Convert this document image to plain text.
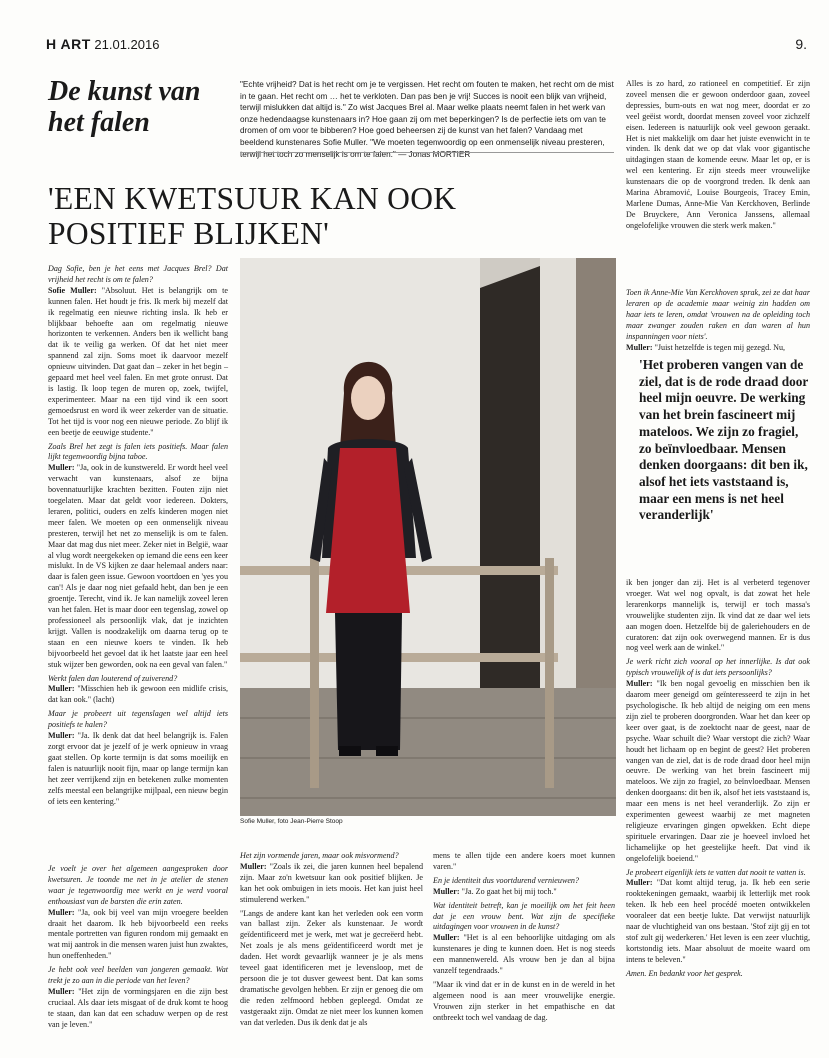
H ART 21.01.2016	9.
De kunst van het falen
"Echte vrijheid? Dat is het recht om je te vergissen. Het recht om fouten te maken, het recht om de mist in te gaan. Het recht om … het te verkloten. Dan pas ben je vrij! Succes is nooit een blijk van vrijheid, terwijl mislukken dat altijd is." Zo wist Jacques Brel al. Maar welke plaats neemt falen in het werk van onze hedendaagse kunstenaars in? Hoe gaan zij om met beperkingen? Is de perfectie iets om van te dromen of om voor te bibberen? Hoe goed beheersen zij de kunst van het falen? Vandaag met beeldend kunstenares Sofie Muller. "We moeten tegenwoordig op een onmenselijk niveau presteren, terwijl het toch zo menselijk is om te falen." — Jonas MORTIER
'EEN KWETSUUR KAN OOK POSITIEF BLIJKEN'
Sofie Muller, foto Jean-Pierre Stoop

Dag Sofie, ben je het eens met Jacques Brel? Dat vrijheid het recht is om te falen?
Sofie Muller: "Absoluut. Het is belangrijk om te kunnen falen. Het houdt je fris. Ik merk bij mezelf dat ik regelmatig een nieuwe richting insla. Ik heb er blijkbaar behoefte aan om regelmatig nieuwe horizonten te verkennen. Anders ben ik wellicht bang dat ik te veilig ga werken. Of dat het niet meer spannend zal zijn. Soms moet ik daarvoor mezelf opnieuw uitvinden. Dat gaat dan – zeker in het begin – gepaard met heel veel falen. En met grote onrust. Dat is lastig. Ik loop tegen de muren op, zoek, twijfel, experimenteer. Maar na een tijd vind ik een soort gemoedsrust en word ik weer zekerder van de situatie. Tot het tijd is voor nog een nieuwe periode. Zo blijf ik een beetje de eeuwige studente."

Zoals Brel het zegt is falen iets positiefs. Maar falen lijkt tegenwoordig bijna taboe.
Muller: "Ja, ook in de kunstwereld. Er wordt heel veel verwacht van kunstenaars, alsof ze bijna bovennatuurlijke krachten bezitten. Fouten zijn niet toegelaten. Maar dat geldt voor iedereen. Dokters, leraren, politici, ouders en zelfs kinderen mogen niet meer falen. We moeten op een onmenselijk niveau presteren, terwijl het net zo menselijk is om te falen. Maar dat mag dus niet meer. Zeker niet in België, waar al vlug wordt neergekeken op iemand die eens een keer mislukt. In de VS kijken ze daar helemaal anders naar: daar is falen geen issue. Gewoon voortdoen en 'yes you can'! Als je daar nog niet gefaald hebt, dan ben je een groentje. Terecht, vind ik. Je kan namelijk zoveel leren van het falen. Het is maar door een tegenslag, zowel op professioneel als persoonlijk vlak, dat je inzichten krijgt. Vallen is noodzakelijk om daarna terug op te staan en een nieuwe koers te vinden. Ik heb bijvoorbeeld het gevoel dat ik het laatste jaar een heel stuk wijzer ben geworden, ook na een geval van falen."

Werkt falen dan louterend of zuiverend?
Muller: "Misschien heb ik gewoon een midlife crisis, dat kan ook." (lacht)

Maar je probeert uit tegenslagen wel altijd iets positiefs te halen?
Muller: "Ja. Ik denk dat dat heel belangrijk is. Falen zorgt ervoor dat je jezelf of je werk opnieuw in vraag gaat stellen. Op korte termijn is dat soms moeilijk en falen is natuurlijk nooit fijn, maar op lange termijn kan het zeer verrijkend zijn en betekenen zulke momenten zelfs meestal een belangrijke mijlpaal, een nieuw begin of iets een kentering."

Je voelt je over het algemeen aangesproken door kwetsuren. Je toonde me net in je atelier de stenen waar je tegenwoordig mee werkt en je werd vooral enthousiast van de barsten die erin zaten.
Muller: "Ja, ook bij veel van mijn vroegere beelden draait het daarom. Ik heb bijvoorbeeld een reeks mentale portretten van figuren rondom mij gemaakt en wat mij aantrok in die mensen waren juist hun zwaktes, hun oneffenheden."

Je hebt ook veel beelden van jongeren gemaakt. Wat trekt je zo aan in die periode van het leven?
Muller: "Het zijn de vormingsjaren en die zijn best cruciaal. Als daar iets misgaat of de druk komt te hoog te staan, dan kan dat een schaduw werpen op de rest van je leven."

Het zijn vormende jaren, maar ook misvormend?
Muller: "Zoals ik zei, die jaren kunnen heel bepalend zijn. Maar zo'n kwetsuur kan ook positief blijken. Je kan het ook ombuigen in iets moois. Het kan juist heel stimulerend werken."

"Langs de andere kant kan het verleden ook een vorm van ballast zijn. Zeker als kunstenaar. Je wordt geïdentificeerd met je werk, met wat je gecreëerd hebt. Net zoals je als mens geïdentificeerd wordt met je daden. Het wordt gevaarlijk wanneer je je als mens teveel gaat identificeren met je levensloop, met de persoon die je tot dusver geweest bent. Dat kan soms dramatische gevolgen hebben. Er zijn er genoeg die om die reden zelfmoord hebben gepleegd. Omdat ze vastgeraakt zijn. Omdat ze niet meer los kunnen komen van dat verleden. Dus ik denk dat je als

mens te allen tijde een andere koers moet kunnen varen."

En je identiteit dus voortdurend vernieuwen?
Muller: "Ja. Zo gaat het bij mij toch."

Wat identiteit betreft, kan je moeilijk om het feit heen dat je een vrouw bent. Wat zijn de specifieke uitdagingen voor vrouwen in de kunst?
Muller: "Het is al een behoorlijke uitdaging om als kunstenares je ding te kunnen doen. Het is nog steeds een mannenwereld. Als vrouw ben je dan al bijna vanzelf tegendraads."

"Maar ik vind dat er in de kunst en in de wereld in het algemeen nood is aan meer vrouwelijke energie. Vrouwen zijn sterker in het empathische en dat ontbreekt toch wel vandaag de dag.

Alles is zo hard, zo rationeel en competitief. Er zijn zoveel mensen die er gewoon onderdoor gaan, zoveel depressies, burn-outs en wat nog meer, doordat er zo veel geëist wordt, doordat mensen zoveel voor zichzelf eisen. Iedereen is natuurlijk ook veel gewoon geraakt. Het is niet makkelijk om daar het juiste evenwicht in te vinden. Ik denk dat we op dat vlak voor gigantische uitdagingen staan de komende eeuw. Maar let op, er is wel een kentering. Er zijn steeds meer vrouwelijke kunstenaars die op de voorgrond treden. Ik denk aan Marina Abramović, Louise Bourgeois, Tracey Emin, Marlene Dumas, Anne-Mie Van Kerckhoven, Berlinde De Bruyckere, Ann Veronica Janssens, allemaal ongelofelijke vrouwen die sterk werk maken."

Toen ik Anne-Mie Van Kerckhoven sprak, zei ze dat haar leraren op de academie maar weinig zin hadden om haar iets te leren, omdat 'vrouwen na de opleiding toch maar zwanger zouden raken en dan waren al hun inspanningen voor niets'.
Muller: "Juist hetzelfde is tegen mij gezegd. Nu,

'Het proberen vangen van de ziel, dat is de rode draad door heel mijn oeuvre. De werking van het brein fascineert mij mateloos. We zijn zo fragiel, zo beïnvloedbaar. Mensen denken doorgaans: dit ben ik, alsof het iets vaststaand is, maar een mens is net heel veranderlijk'

ik ben jonger dan zij. Het is al verbeterd tegenover vroeger. Wat wel nog opvalt, is dat zowat het hele lerarenkorps mannelijk is, terwijl er toch massa's vrouwelijke studenten zijn. Ik vind dat ze daar wel iets aan mogen doen. Hetzelfde bij de galeriehouders en de curatoren: dat zijn ook overwegend mannen. Er is dus nog veel werk aan de winkel."

Je werk richt zich vooral op het innerlijke. Is dat ook typisch vrouwelijk of is dat iets persoonlijks?
Muller: "Ik ben nogal gevoelig en misschien ben ik daarom meer geneigd om geïnteresseerd te zijn in het psychologische. Ik heb altijd de neiging om een mens zijn ziel te proberen doorgronden. Waar het dan keer op keer over gaat, is de zoektocht naar de geest, naar de psyche. Waar schuilt die? Waar verstopt die zich? Waar houdt het lichaam op en begint de geest? Het proberen vangen van de ziel, dat is de rode draad door heel mijn oeuvre. De werking van het brein fascineert mij mateloos. We zijn zo fragiel, zo beïnvloedbaar. Mensen denken doorgaans: dit ben ik, alsof het iets vaststaand is, maar een mens is net heel veranderlijk. Zo zijn er experimenten geweest waarbij ze met magneten religieuze ervaringen gingen opwekken. Echt diepe spirituele ervaringen. Daar zie je hoeveel invloed het lichamelijke op het geestelijke heeft. Dat vind ik ongelofelijk boeiend."

Je probeert eigenlijk iets te vatten dat nooit te vatten is.
Muller: "Dat komt altijd terug, ja. Ik heb een serie rooktekeningen gemaakt, waarbij ik letterlijk met rook teken. Ik heb een heel procédé moeten ontwikkelen vooraleer dat een beetje lukte. Dat verwijst natuurlijk naar de vluchtigheid van ons bestaan. 'Stof zijt gij en tot stof zult gij wederkeren.' Het leven is een zeer vluchtig, kortstondig iets. Maar absoluut de moeite waard om intens te beleven."

Amen. En bedankt voor het gesprek.
